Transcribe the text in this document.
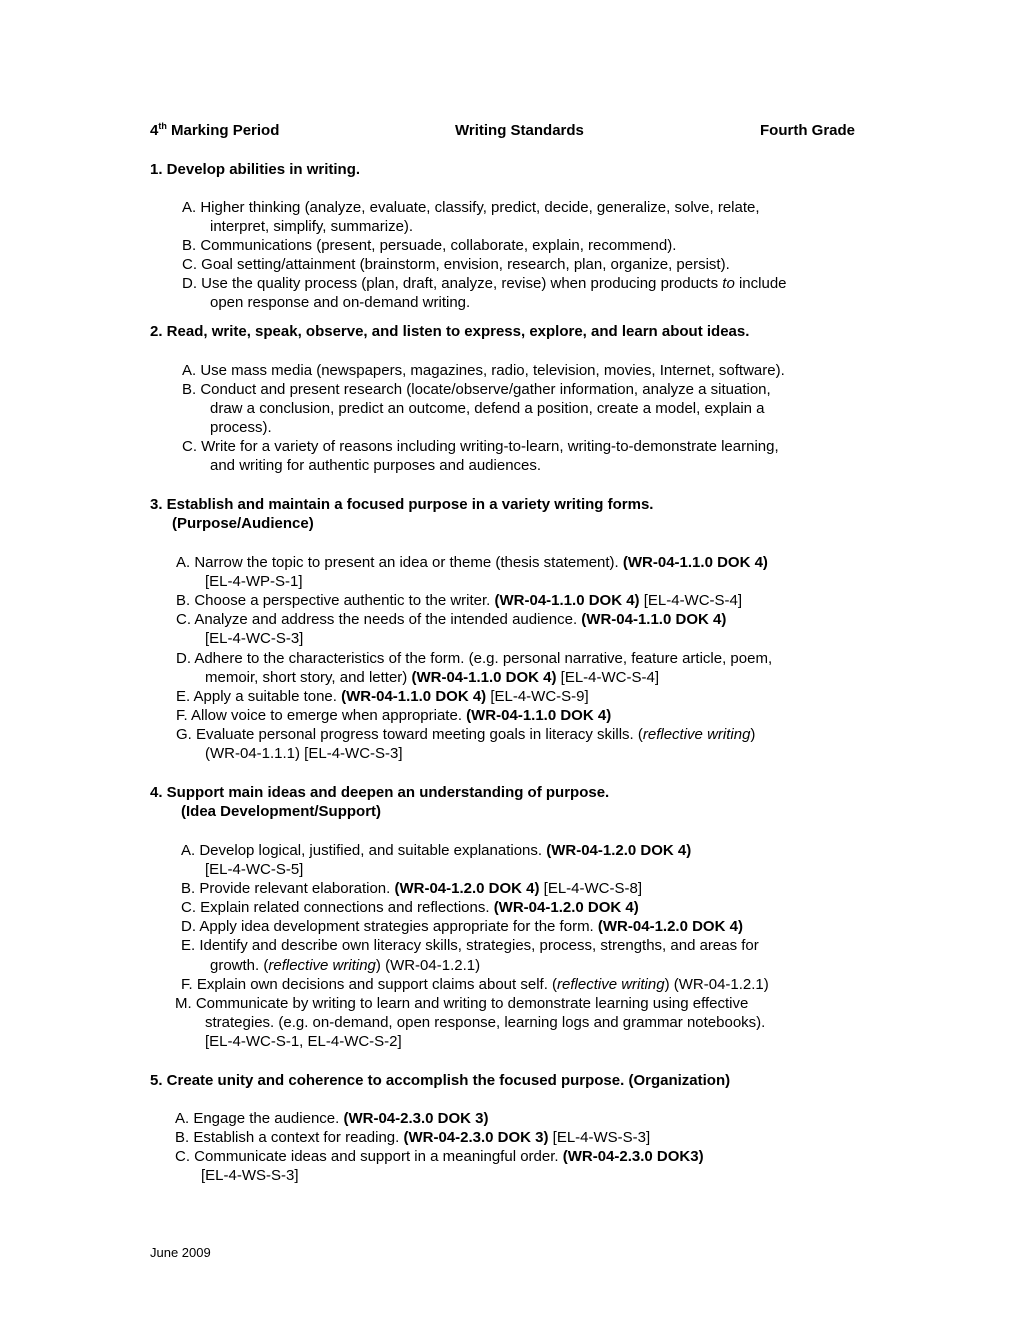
4th Marking Period	Writing Standards	Fourth Grade
1. Develop abilities in writing.
A. Higher thinking (analyze, evaluate, classify, predict, decide, generalize, solve, relate,
interpret, simplify, summarize).
B. Communications (present, persuade, collaborate, explain, recommend).
C. Goal setting/attainment (brainstorm, envision, research, plan, organize, persist).
D. Use the quality process (plan, draft, analyze, revise) when producing products to include
open response and on-demand writing.
2. Read, write, speak, observe, and listen to express, explore, and learn about ideas.
A. Use mass media (newspapers, magazines, radio, television, movies, Internet, software).
B. Conduct and present research (locate/observe/gather information, analyze a situation,
draw a conclusion, predict an outcome, defend a position, create a model, explain a
process).
C. Write for a variety of reasons including writing-to-learn, writing-to-demonstrate learning,
and writing for authentic purposes and audiences.
3. Establish and maintain a focused purpose in a variety writing forms.
(Purpose/Audience)
A. Narrow the topic to present an idea or theme (thesis statement). (WR-04-1.1.0 DOK 4)
[EL-4-WP-S-1]
B. Choose a perspective authentic to the writer. (WR-04-1.1.0 DOK 4) [EL-4-WC-S-4]
C. Analyze and address the needs of the intended audience. (WR-04-1.1.0 DOK 4)
[EL-4-WC-S-3]
D. Adhere to the characteristics of the form. (e.g. personal narrative, feature article, poem,
memoir, short story, and letter) (WR-04-1.1.0 DOK 4) [EL-4-WC-S-4]
E. Apply a suitable tone. (WR-04-1.1.0 DOK 4) [EL-4-WC-S-9]
F. Allow voice to emerge when appropriate. (WR-04-1.1.0 DOK 4)
G. Evaluate personal progress toward meeting goals in literacy skills. (reflective writing)
(WR-04-1.1.1) [EL-4-WC-S-3]
4. Support main ideas and deepen an understanding of purpose.
(Idea Development/Support)
A. Develop logical, justified, and suitable explanations. (WR-04-1.2.0 DOK 4)
[EL-4-WC-S-5]
B. Provide relevant elaboration. (WR-04-1.2.0 DOK 4) [EL-4-WC-S-8]
C. Explain related connections and reflections. (WR-04-1.2.0 DOK 4)
D. Apply idea development strategies appropriate for the form. (WR-04-1.2.0 DOK 4)
E. Identify and describe own literacy skills, strategies, process, strengths, and areas for
growth. (reflective writing) (WR-04-1.2.1)
F. Explain own decisions and support claims about self. (reflective writing) (WR-04-1.2.1)
M. Communicate by writing to learn and writing to demonstrate learning using effective
strategies. (e.g. on-demand, open response, learning logs and grammar notebooks).
[EL-4-WC-S-1, EL-4-WC-S-2]
5. Create unity and coherence to accomplish the focused purpose. (Organization)
A. Engage the audience. (WR-04-2.3.0 DOK 3)
B. Establish a context for reading. (WR-04-2.3.0 DOK 3) [EL-4-WS-S-3]
C. Communicate ideas and support in a meaningful order. (WR-04-2.3.0 DOK3)
[EL-4-WS-S-3]
June 2009
